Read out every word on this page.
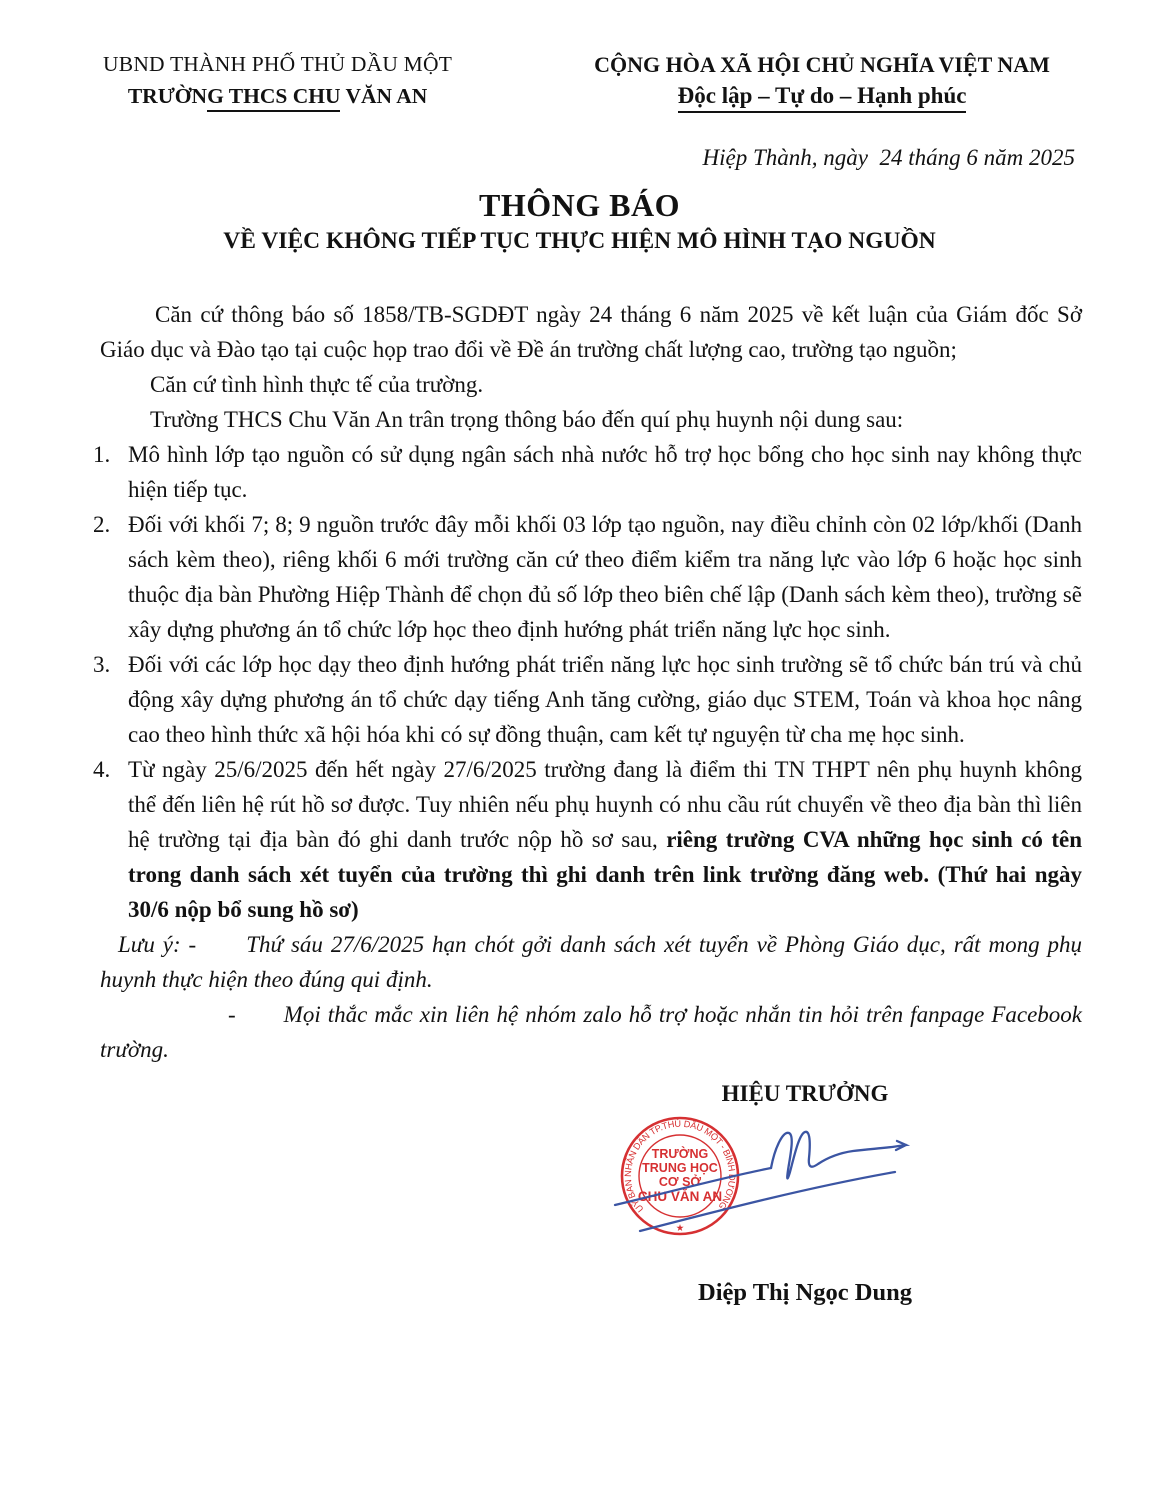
UBND THÀNH PHỐ THỦ DẦU MỘT
TRƯỜNG THCS CHU VĂN AN
CỘNG HÒA XÃ HỘI CHỦ NGHĨA VIỆT NAM
Độc lập – Tự do – Hạnh phúc
Hiệp Thành, ngày  24 tháng 6 năm 2025
THÔNG BÁO
VỀ VIỆC KHÔNG TIẾP TỤC THỰC HIỆN MÔ HÌNH TẠO NGUỒN
Căn cứ thông báo số 1858/TB-SGDĐT ngày 24 tháng 6 năm 2025 về kết luận của Giám đốc Sở Giáo dục và Đào tạo tại cuộc họp trao đổi về Đề án trường chất lượng cao, trường tạo nguồn;
Căn cứ tình hình thực tế của trường.
Trường THCS Chu Văn An trân trọng thông báo đến quí phụ huynh nội dung sau:
1. Mô hình lớp tạo nguồn có sử dụng ngân sách nhà nước hỗ trợ học bổng cho học sinh nay không thực hiện tiếp tục.
2. Đối với khối 7; 8; 9 nguồn trước đây mỗi khối 03 lớp tạo nguồn, nay điều chỉnh còn 02 lớp/khối (Danh sách kèm theo), riêng khối 6 mới trường căn cứ theo điểm kiểm tra năng lực vào lớp 6 hoặc học sinh thuộc địa bàn Phường Hiệp Thành để chọn đủ số lớp theo biên chế lập (Danh sách kèm theo), trường sẽ xây dựng phương án tổ chức lớp học theo định hướng phát triển năng lực học sinh.
3. Đối với các lớp học dạy theo định hướng phát triển năng lực học sinh trường sẽ tổ chức bán trú và chủ động xây dựng phương án tổ chức dạy tiếng Anh tăng cường, giáo dục STEM, Toán và khoa học nâng cao theo hình thức xã hội hóa khi có sự đồng thuận, cam kết tự nguyện từ cha mẹ học sinh.
4. Từ ngày 25/6/2025 đến hết ngày 27/6/2025 trường đang là điểm thi TN THPT nên phụ huynh không thể đến liên hệ rút hồ sơ được. Tuy nhiên nếu phụ huynh có nhu cầu rút chuyển về theo địa bàn thì liên hệ trường tại địa bàn đó ghi danh trước nộp hồ sơ sau, riêng trường CVA những học sinh có tên trong danh sách xét tuyển của trường thì ghi danh trên link trường đăng web. (Thứ hai ngày 30/6 nộp bổ sung hồ sơ)
Lưu ý: - Thứ sáu 27/6/2025 hạn chót gởi danh sách xét tuyển về Phòng Giáo dục, rất mong phụ huynh thực hiện theo đúng qui định.
- Mọi thắc mắc xin liên hệ nhóm zalo hỗ trợ hoặc nhắn tin hỏi trên fanpage Facebook trường.
HIỆU TRƯỞNG
UỶ BAN NHÂN DÂN TP.THỦ DẦU MỘT - BÌNH DƯƠNG
★
TRƯỜNG
TRUNG HỌC
CƠ SỞ
CHU VĂN AN
Diệp Thị Ngọc Dung
